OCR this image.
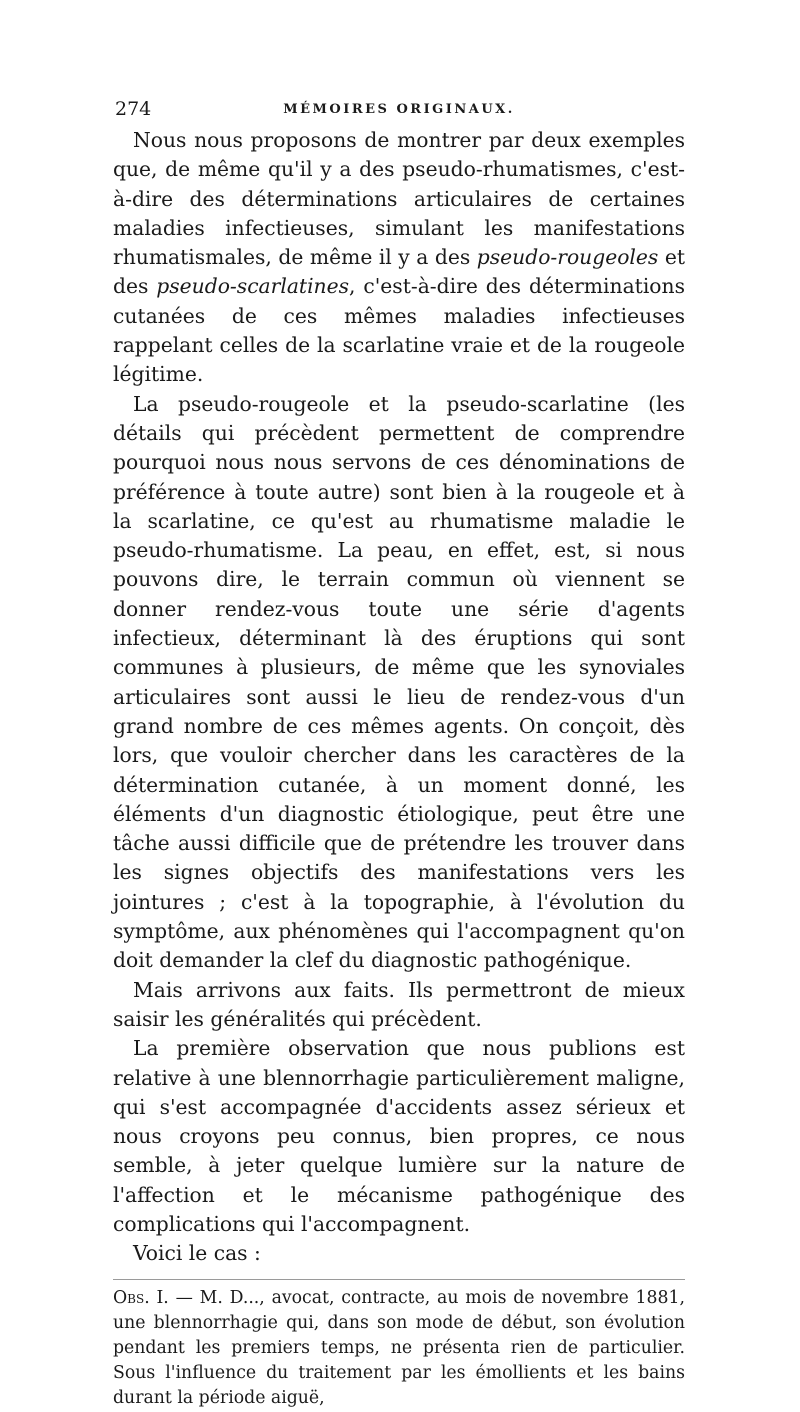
274	MÉMOIRES ORIGINAUX.

Nous nous proposons de montrer par deux exemples que, de même qu'il y a des pseudo-rhumatismes, c'est-à-dire des déterminations articulaires de certaines maladies infectieuses, simulant les manifestations rhumatismales, de même il y a des pseudo-rougeoles et des pseudo-scarlatines, c'est-à-dire des déterminations cutanées de ces mêmes maladies infectieuses rappelant celles de la scarlatine vraie et de la rougeole légitime.

La pseudo-rougeole et la pseudo-scarlatine (les détails qui précèdent permettent de comprendre pourquoi nous nous servons de ces dénominations de préférence à toute autre) sont bien à la rougeole et à la scarlatine, ce qu'est au rhumatisme maladie le pseudo-rhumatisme. La peau, en effet, est, si nous pouvons dire, le terrain commun où viennent se donner rendez-vous toute une série d'agents infectieux, déterminant là des éruptions qui sont communes à plusieurs, de même que les synoviales articulaires sont aussi le lieu de rendez-vous d'un grand nombre de ces mêmes agents. On conçoit, dès lors, que vouloir chercher dans les caractères de la détermination cutanée, à un moment donné, les éléments d'un diagnostic étiologique, peut être une tâche aussi difficile que de prétendre les trouver dans les signes objectifs des manifestations vers les jointures ; c'est à la topographie, à l'évolution du symptôme, aux phénomènes qui l'accompagnent qu'on doit demander la clef du diagnostic pathogénique.

Mais arrivons aux faits. Ils permettront de mieux saisir les généralités qui précèdent.

La première observation que nous publions est relative à une blennorrhagie particulièrement maligne, qui s'est accompagnée d'accidents assez sérieux et nous croyons peu connus, bien propres, ce nous semble, à jeter quelque lumière sur la nature de l'affection et le mécanisme pathogénique des complications qui l'accompagnent.

Voici le cas :

Obs. I. — M. D..., avocat, contracte, au mois de novembre 1881, une blennorrhagie qui, dans son mode de début, son évolution pendant les premiers temps, ne présenta rien de particulier. Sous l'influence du traitement par les émollients et les bains durant la période aiguë,
